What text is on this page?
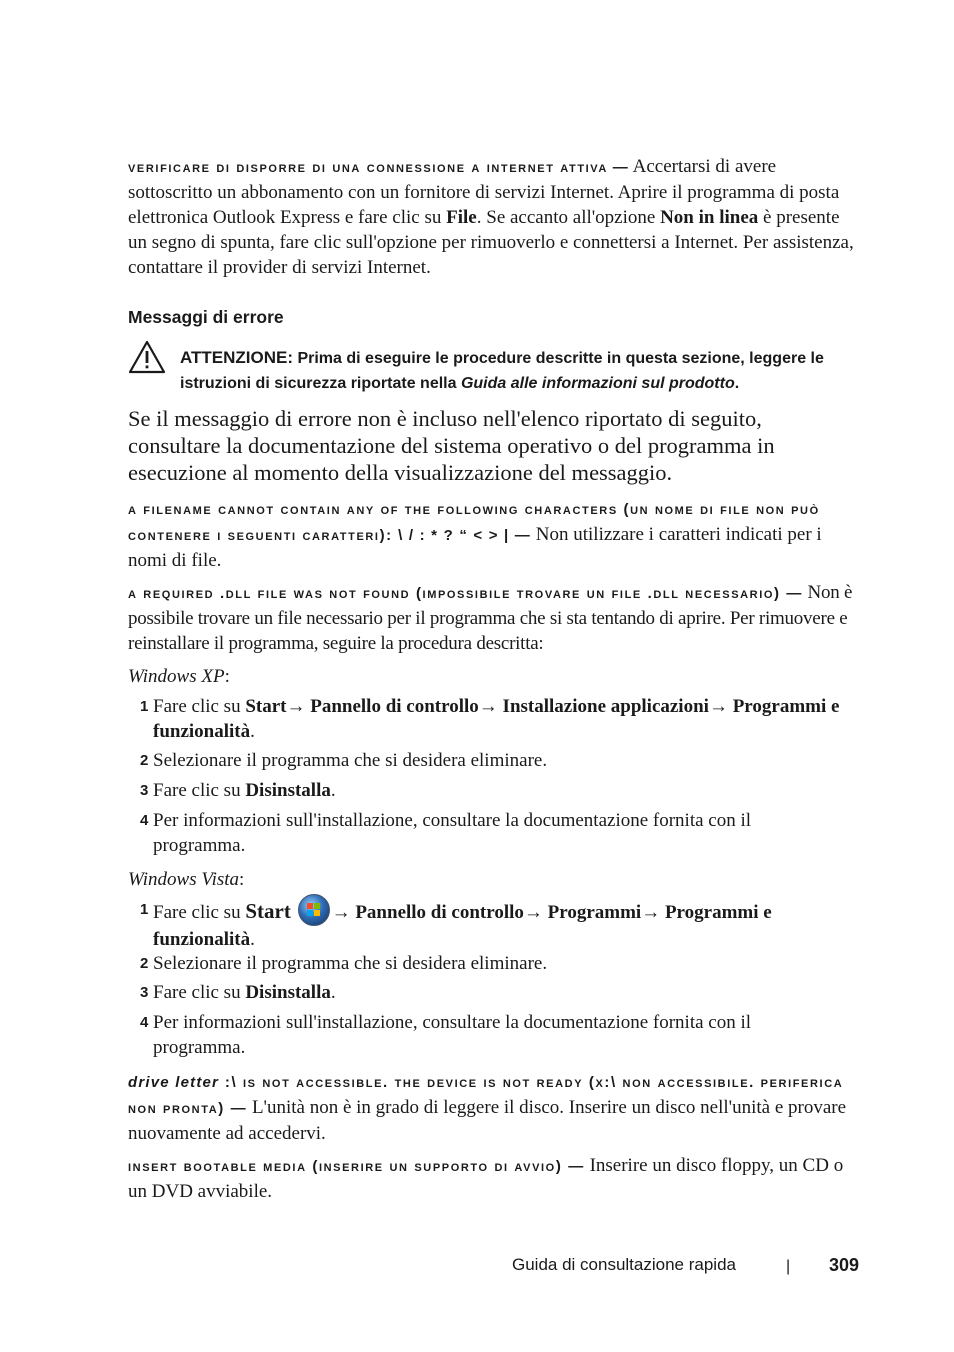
verificare di disporre di una connessione a internet attiva — Accertarsi di avere sottoscritto un abbonamento con un fornitore di servizi Internet. Aprire il programma di posta elettronica Outlook Express e fare clic su File. Se accanto all'opzione Non in linea è presente un segno di spunta, fare clic sull'opzione per rimuoverlo e connettersi a Internet. Per assistenza, contattare il provider di servizi Internet.
Messaggi di errore
ATTENZIONE: Prima di eseguire le procedure descritte in questa sezione, leggere le istruzioni di sicurezza riportate nella Guida alle informazioni sul prodotto.
Se il messaggio di errore non è incluso nell'elenco riportato di seguito, consultare la documentazione del sistema operativo o del programma in esecuzione al momento della visualizzazione del messaggio.
a filename cannot contain any of the following characters (un nome di file non può contenere i seguenti caratteri): \ / : * ? “ < > | — Non utilizzare i caratteri indicati per i nomi di file.
a required .dll file was not found (impossibile trovare un file .dll necessario) — Non è possibile trovare un file necessario per il programma che si sta tentando di aprire. Per rimuovere e reinstallare il programma, seguire la procedura descritta:
Windows XP:
1 Fare clic su Start→ Pannello di controllo→ Installazione applicazioni→ Programmi e funzionalità.
2 Selezionare il programma che si desidera eliminare.
3 Fare clic su Disinstalla.
4 Per informazioni sull'installazione, consultare la documentazione fornita con il programma.
Windows Vista:
1 Fare clic su Start → Pannello di controllo→ Programmi→ Programmi e funzionalità.
2 Selezionare il programma che si desidera eliminare.
3 Fare clic su Disinstalla.
4 Per informazioni sull'installazione, consultare la documentazione fornita con il programma.
drive letter :\ is not accessible. the device is not ready (x:\ non accessibile. periferica non pronta) — L'unità non è in grado di leggere il disco. Inserire un disco nell'unità e provare nuovamente ad accedervi.
insert bootable media (inserire un supporto di avvio) — Inserire un disco floppy, un CD o un DVD avviabile.
Guida di consultazione rapida	| 309
